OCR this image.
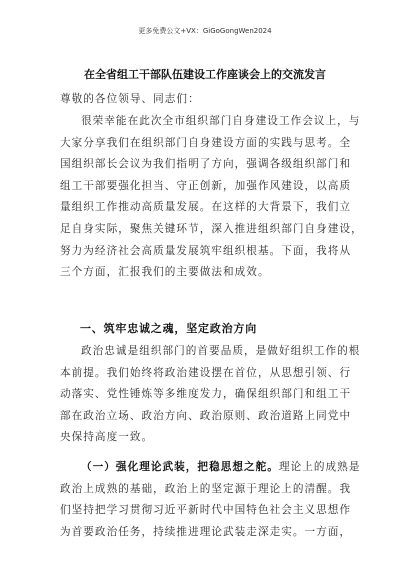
更多免费公文+VX：GiGoGongWen2024
在全省组工干部队伍建设工作座谈会上的交流发言
尊敬的各位领导、同志们：
很荣幸能在此次全市组织部门自身建设工作会议上，与
大家分享我们在组织部门自身建设方面的实践与思考。全
国组织部长会议为我们指明了方向，强调各级组织部门和
组工干部要强化担当、守正创新，加强作风建设，以高质
量组织工作推动高质量发展。在这样的大背景下，我们立
足自身实际，聚焦关键环节，深入推进组织部门自身建设，
努力为经济社会高质量发展筑牢组织根基。下面，我将从
三个方面，汇报我们的主要做法和成效。
一、筑牢忠诚之魂，坚定政治方向
政治忠诚是组织部门的首要品质，是做好组织工作的根
本前提。我们始终将政治建设摆在首位，从思想引领、行
动落实、党性锤炼等多维度发力，确保组织部门和组工干
部在政治立场、政治方向、政治原则、政治道路上同党中
央保持高度一致。
（一）强化理论武装，把稳思想之舵。理论上的成熟是
政治上成熟的基础，政治上的坚定源于理论上的清醒。我
们坚持把学习贯彻习近平新时代中国特色社会主义思想作
为首要政治任务，持续推进理论武装走深走实。一方面，
